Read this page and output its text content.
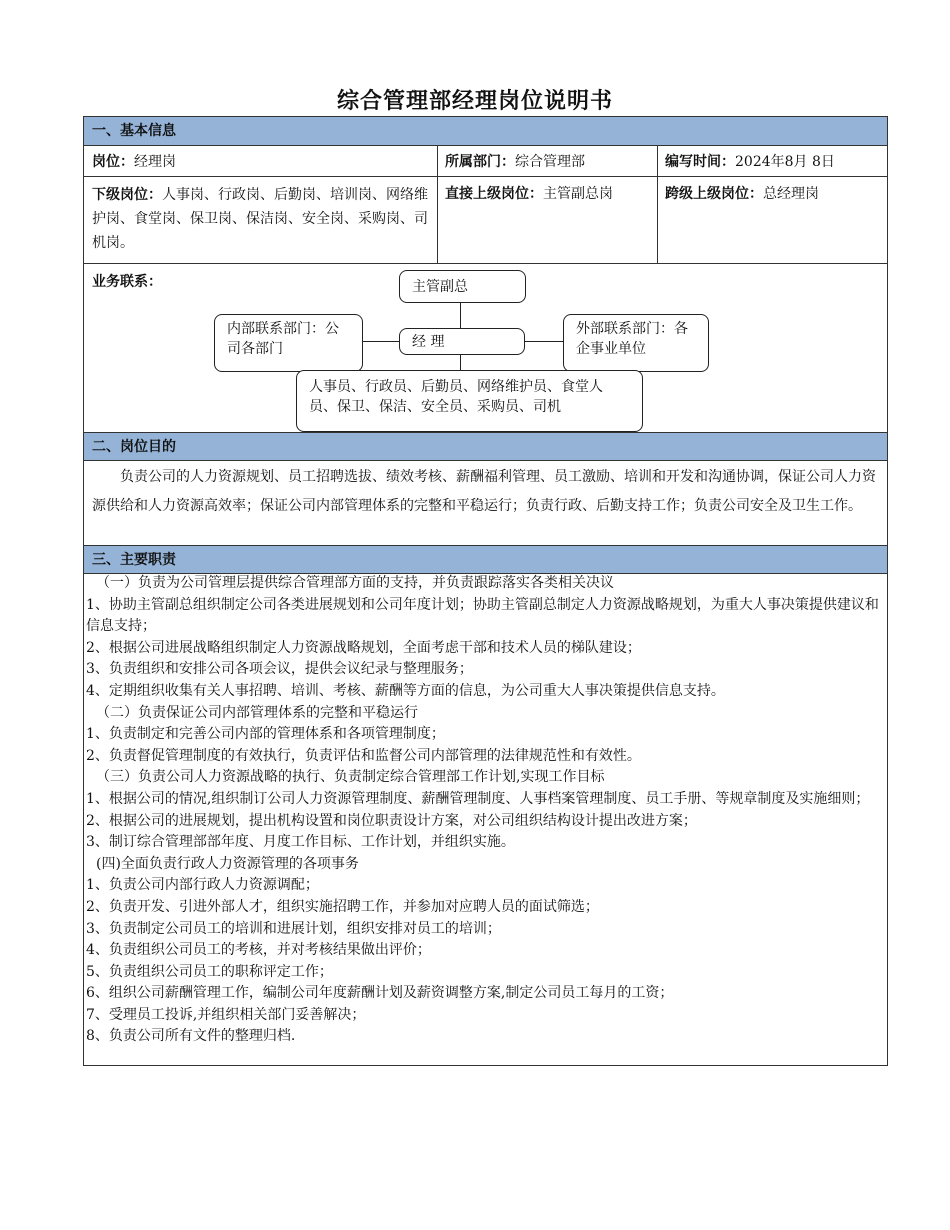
综合管理部经理岗位说明书
一、基本信息
岗位：经理岗	所属部门：综合管理部	编写时间：2024年8月 8日
下级岗位：人事岗、行政岗、后勤岗、培训岗、网络维护岗、食堂岗、保卫岗、保洁岗、安全岗、采购岗、司机岗。
直接上级岗位：主管副总岗	跨级上级岗位：总经理岗
业务联系：	主管副总
内部联系部门：公司各部门	经 理
外部联系部门：各企事业单位
人事员、行政员、后勤员、网络维护员、食堂人员、保卫、保洁、安全员、采购员、司机
二、岗位目的
负责公司的人力资源规划、员工招聘选拔、绩效考核、薪酬福利管理、员工激励、培训和开发和沟通协调，保证公司人力资源供给和人力资源高效率；保证公司内部管理体系的完整和平稳运行；负责行政、后勤支持工作；负责公司安全及卫生工作。
三、主要职责
（一）负责为公司管理层提供综合管理部方面的支持，并负责跟踪落实各类相关决议
1、协助主管副总组织制定公司各类进展规划和公司年度计划；协助主管副总制定人力资源战略规划，为重大人事决策提供建议和信息支持；
2、根据公司进展战略组织制定人力资源战略规划，全面考虑干部和技术人员的梯队建设；
3、负责组织和安排公司各项会议，提供会议纪录与整理服务；
4、定期组织收集有关人事招聘、培训、考核、薪酬等方面的信息，为公司重大人事决策提供信息支持。
（二）负责保证公司内部管理体系的完整和平稳运行
1、负责制定和完善公司内部的管理体系和各项管理制度；
2、负责督促管理制度的有效执行，负责评估和监督公司内部管理的法律规范性和有效性。
（三）负责公司人力资源战略的执行、负责制定综合管理部工作计划,实现工作目标
1、根据公司的情况,组织制订公司人力资源管理制度、薪酬管理制度、人事档案管理制度、员工手册、等规章制度及实施细则；
2、根据公司的进展规划，提出机构设置和岗位职责设计方案，对公司组织结构设计提出改进方案；
3、制订综合管理部部年度、月度工作目标、工作计划，并组织实施。
(四)全面负责行政人力资源管理的各项事务
1、负责公司内部行政人力资源调配；
2、负责开发、引进外部人才，组织实施招聘工作，并参加对应聘人员的面试筛选；
3、负责制定公司员工的培训和进展计划，组织安排对员工的培训；
4、负责组织公司员工的考核，并对考核结果做出评价；
5、负责组织公司员工的职称评定工作；
6、组织公司薪酬管理工作，编制公司年度薪酬计划及薪资调整方案,制定公司员工每月的工资；
7、受理员工投诉,并组织相关部门妥善解决；
8、负责公司所有文件的整理归档.
